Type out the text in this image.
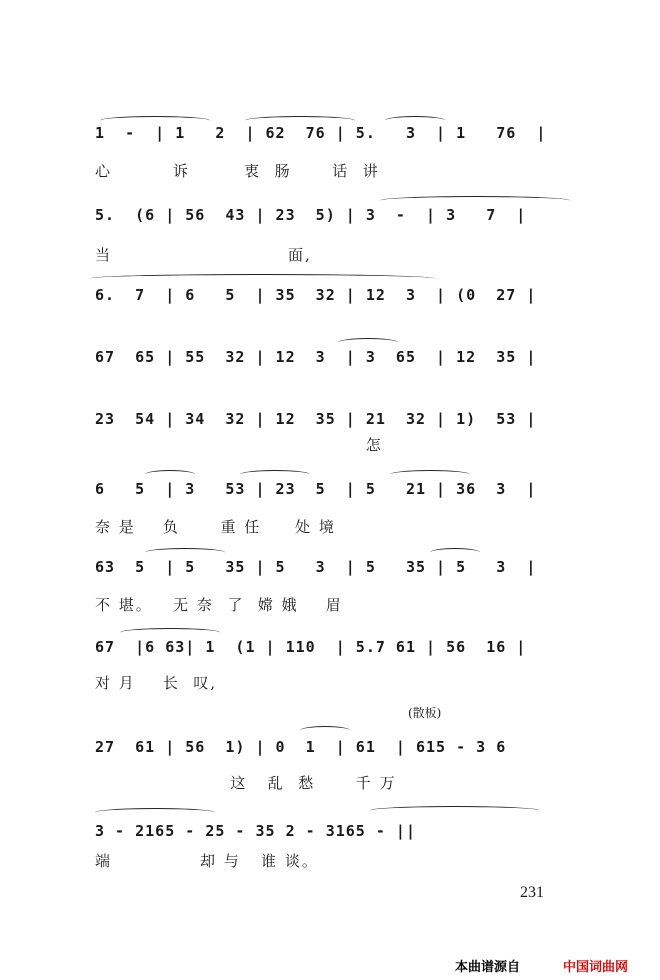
1  -  | 1   2  | 62  76 | 5.   3  | 1   76  |
心         诉        衷  肠      话  讲
5.  (6 | 56  43 | 23  5) | 3  -  | 3   7  |
当                          面,
6.  7  | 6   5  | 35  32 | 12  3  | (0  27 |
67  65 | 55  32 | 12  3  | 3  65  | 12  35 |
23  54 | 34  32 | 12  35 | 21  32 | 1)  53 |
怎
6   5  | 3   53 | 23  5  | 5   21 | 36  3  |
奈 是    负      重 任     处 境
63  5  | 5   35 | 5   3  | 5   35 | 5   3  |
不 堪。   无 奈  了  嫦 娥    眉
67  |6 63| 1  (1 | 110  | 5.7 61 | 56  16 |
对 月    长  叹,
(散板)
27  61 | 56  1) | 0  1  | 61  | 615 - 3 6
这   乱  愁      千 万
3 - 2165 - 25 - 35 2 - 3165 - ||
端             却 与   谁 谈。
231
本曲谱源自	中国词曲网
